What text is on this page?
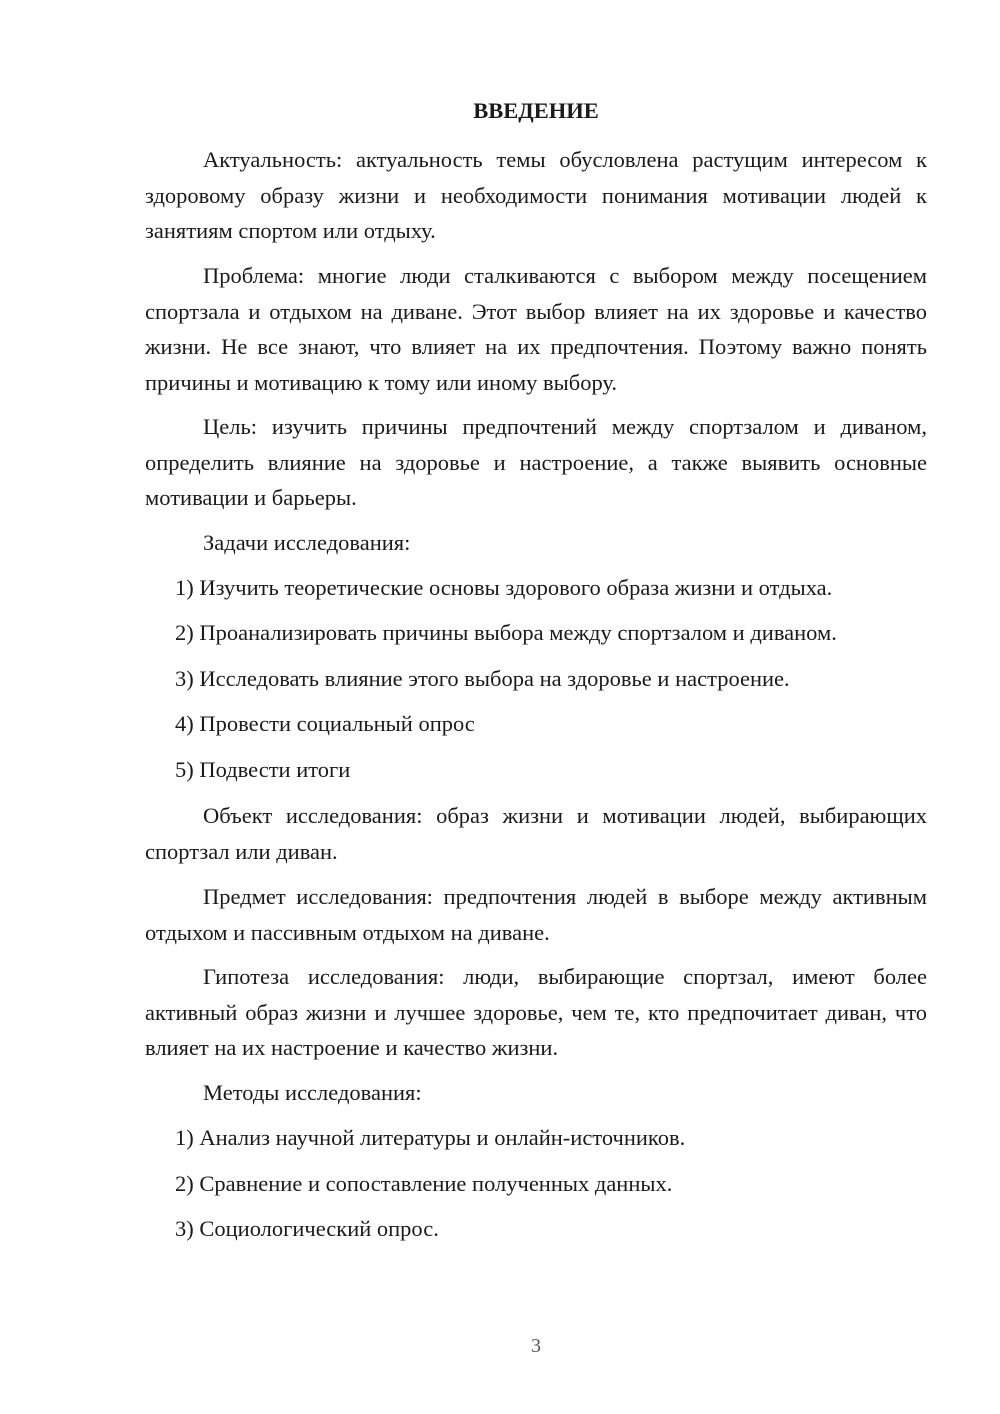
ВВЕДЕНИЕ

Актуальность: актуальность темы обусловлена растущим интересом к здоровому образу жизни и необходимости понимания мотивации людей к занятиям спортом или отдыху.

Проблема: многие люди сталкиваются с выбором между посещением спортзала и отдыхом на диване. Этот выбор влияет на их здоровье и качество жизни. Не все знают, что влияет на их предпочтения. Поэтому важно понять причины и мотивацию к тому или иному выбору.

Цель: изучить причины предпочтений между спортзалом и диваном, определить влияние на здоровье и настроение, а также выявить основные мотивации и барьеры.

Задачи исследования:

1) Изучить теоретические основы здорового образа жизни и отдыха.

2) Проанализировать причины выбора между спортзалом и диваном.

3) Исследовать влияние этого выбора на здоровье и настроение.

4) Провести социальный опрос

5) Подвести итоги

Объект исследования: образ жизни и мотивации людей, выбирающих спортзал или диван.

Предмет исследования: предпочтения людей в выборе между активным отдыхом и пассивным отдыхом на диване.

Гипотеза исследования: люди, выбирающие спортзал, имеют более активный образ жизни и лучшее здоровье, чем те, кто предпочитает диван, что влияет на их настроение и качество жизни.

Методы исследования:

1) Анализ научной литературы и онлайн-источников.

2) Сравнение и сопоставление полученных данных.

3) Социологический опрос.

3
